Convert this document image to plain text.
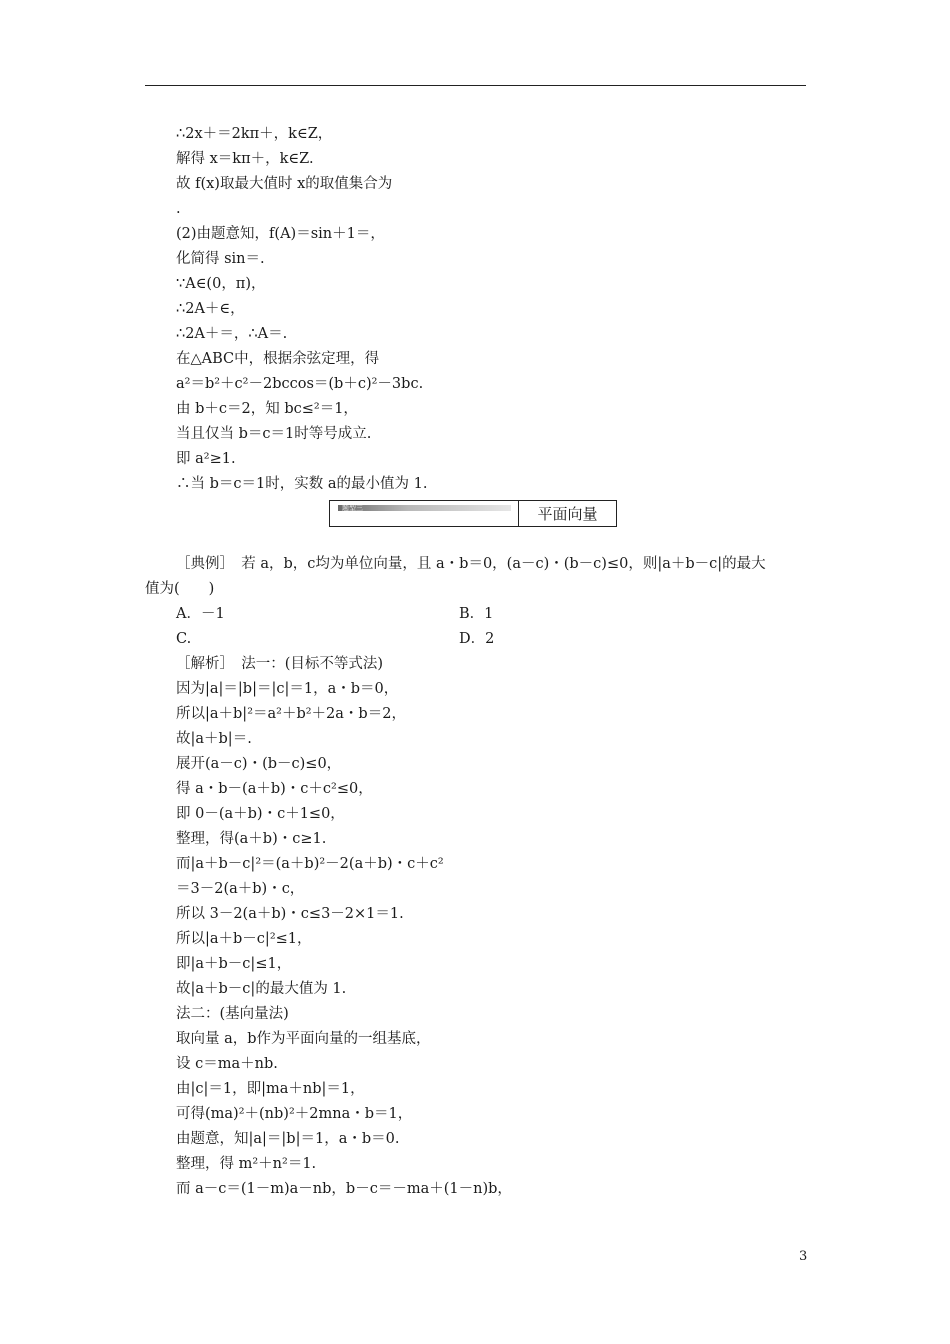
∴2x＋＝2kπ＋，k∈Z，
解得 x＝kπ＋，k∈Z.
故 f(x)取最大值时 x的取值集合为
.
(2)由题意知，f(A)＝sin＋1＝，
化简得 sin＝.
∵A∈(0，π)，
∴2A＋∈，
∴2A＋＝，∴A＝.
在△ABC中，根据余弦定理，得
a²＝b²＋c²－2bccos＝(b＋c)²－3bc.
由 b＋c＝2，知 bc≤²＝1，
当且仅当 b＝c＝1时等号成立.
即 a²≥1.
∴当 b＝c＝1时，实数 a的最小值为 1.
题型三	平面向量
［典例］　若 a，b，c均为单位向量，且 a・b＝0，(a－c)・(b－c)≤0，则|a＋b－c|的最大
值为(　　)
A．－1	B．1
C.	D．2
［解析］　法一：(目标不等式法)
因为|a|＝|b|＝|c|＝1，a・b＝0，
所以|a＋b|²＝a²＋b²＋2a・b＝2，
故|a＋b|＝.
展开(a－c)・(b－c)≤0，
得 a・b－(a＋b)・c＋c²≤0，
即 0－(a＋b)・c＋1≤0，
整理，得(a＋b)・c≥1.
而|a＋b－c|²＝(a＋b)²－2(a＋b)・c＋c²
＝3－2(a＋b)・c，
所以 3－2(a＋b)・c≤3－2×1＝1.
所以|a＋b－c|²≤1，
即|a＋b－c|≤1，
故|a＋b－c|的最大值为 1.
法二：(基向量法)
取向量 a，b作为平面向量的一组基底，
设 c＝ma＋nb.
由|c|＝1，即|ma＋nb|＝1，
可得(ma)²＋(nb)²＋2mna・b＝1，
由题意，知|a|＝|b|＝1，a・b＝0.
整理，得 m²＋n²＝1.
而 a－c＝(1－m)a－nb，b－c＝－ma＋(1－n)b，
3
